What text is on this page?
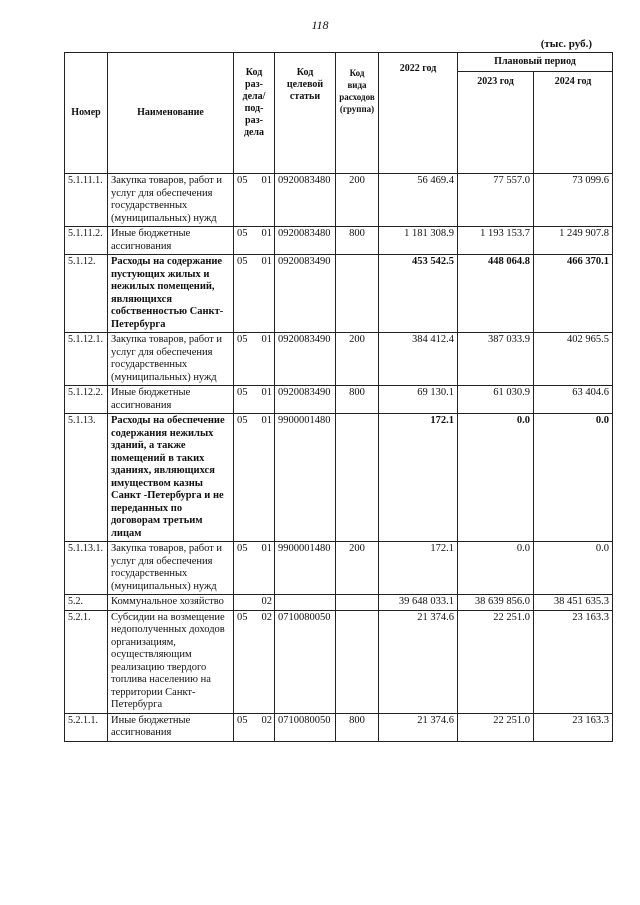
118
(тыс. руб.)
Номер	Наименование	Код раз- дела/ под- раз- дела	Код целевой статьи	Код вида расходов (группа)	2022 год	Плановый период	
						2023 год	2024 год
5.1.11.1.	Закупка товаров, работ и услуг для обеспечения государственных (муниципальных) нужд	05 01	0920083480	200	56 469.4	77 557.0	73 099.6
5.1.11.2.	Иные бюджетные ассигнования	05 01	0920083480	800	1 181 308.9	1 193 153.7	1 249 907.8
5.1.12.	Расходы на содержание пустующих жилых и нежилых помещений, являющихся собственностью Санкт-Петербурга	05 01	0920083490		453 542.5	448 064.8	466 370.1
5.1.12.1.	Закупка товаров, работ и услуг для обеспечения государственных (муниципальных) нужд	05 01	0920083490	200	384 412.4	387 033.9	402 965.5
5.1.12.2.	Иные бюджетные ассигнования	05 01	0920083490	800	69 130.1	61 030.9	63 404.6
5.1.13.	Расходы на обеспечение содержания нежилых зданий, а также помещений в таких зданиях, являющихся имуществом казны Санкт -Петербурга и не переданных по договорам третьим лицам	05 01	9900001480		172.1	0.0	0.0
5.1.13.1.	Закупка товаров, работ и услуг для обеспечения государственных (муниципальных) нужд	05 01	9900001480	200	172.1	0.0	0.0
5.2.	Коммунальное хозяйство	02			39 648 033.1	38 639 856.0	38 451 635.3
5.2.1.	Субсидии на возмещение недополученных доходов организациям, осуществляющим реализацию твердого топлива населению на территории Санкт-Петербурга	05 02	0710080050		21 374.6	22 251.0	23 163.3
5.2.1.1.	Иные бюджетные ассигнования	05 02	0710080050	800	21 374.6	22 251.0	23 163.3
